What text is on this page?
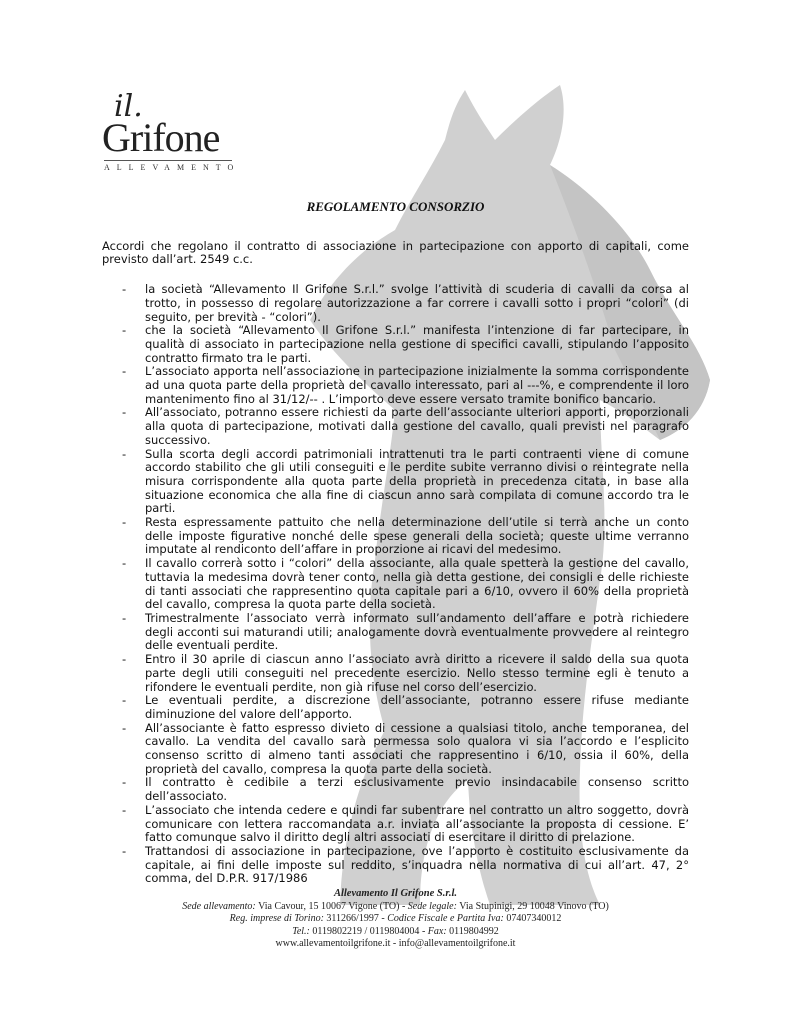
il.
Grifone
ALLEVAMENTO
REGOLAMENTO CONSORZIO
Accordi che regolano il contratto di associazione in partecipazione con apporto di capitali, come previsto dall’art. 2549 c.c.
- la società “Allevamento Il Grifone S.r.l.” svolge l’attività di scuderia di cavalli da corsa al trotto, in possesso di regolare autorizzazione a far correre i cavalli sotto i propri “colori” (di seguito, per brevità - “colori”).
- che la società “Allevamento Il Grifone S.r.l.” manifesta l’intenzione di far partecipare, in qualità di associato in partecipazione nella gestione di specifici cavalli, stipulando l’apposito contratto firmato tra le parti.
- L’associato apporta nell’associazione in partecipazione inizialmente la somma corrispondente ad una quota parte della proprietà del cavallo interessato, pari al ---%, e comprendente il loro mantenimento fino al 31/12/-- . L’importo deve essere versato tramite bonifico bancario.
- All’associato, potranno essere richiesti da parte dell’associante ulteriori apporti, proporzionali alla quota di partecipazione, motivati dalla gestione del cavallo, quali previsti nel paragrafo successivo.
- Sulla scorta degli accordi patrimoniali intrattenuti tra le parti contraenti viene di comune accordo stabilito che gli utili conseguiti e le perdite subite verranno divisi o reintegrate nella misura corrispondente alla quota parte della proprietà in precedenza citata, in base alla situazione economica che alla fine di ciascun anno sarà compilata di comune accordo tra le parti.
- Resta espressamente pattuito che nella determinazione dell’utile si terrà anche un conto delle imposte figurative nonché delle spese generali della società; queste ultime verranno imputate al rendiconto dell’affare in proporzione ai ricavi del medesimo.
- Il cavallo correrà sotto i “colori” della associante, alla quale spetterà la gestione del cavallo, tuttavia la medesima dovrà tener conto, nella già detta gestione, dei consigli e delle richieste di tanti associati che rappresentino quota capitale pari a 6/10, ovvero il 60% della proprietà del cavallo, compresa la quota parte della società.
- Trimestralmente l’associato verrà informato sull’andamento dell’affare e potrà richiedere degli acconti sui maturandi utili; analogamente dovrà eventualmente provvedere al reintegro delle eventuali perdite.
- Entro il 30 aprile di ciascun anno l’associato avrà diritto a ricevere il saldo della sua quota parte degli utili conseguiti nel precedente esercizio. Nello stesso termine egli è tenuto a rifondere le eventuali perdite, non già rifuse nel corso dell’esercizio.
- Le eventuali perdite, a discrezione dell’associante, potranno essere rifuse mediante diminuzione del valore dell’apporto.
- All’associante è fatto espresso divieto di cessione a qualsiasi titolo, anche temporanea, del cavallo. La vendita del cavallo sarà permessa solo qualora vi sia l’accordo e l’esplicito consenso scritto di almeno tanti associati che rappresentino i 6/10, ossia il 60%, della proprietà del cavallo, compresa la quota parte della società.
- Il contratto è cedibile a terzi esclusivamente previo insindacabile consenso scritto dell’associato.
- L’associato che intenda cedere e quindi far subentrare nel contratto un altro soggetto, dovrà comunicare con lettera raccomandata a.r. inviata all’associante la proposta di cessione. E’ fatto comunque salvo il diritto degli altri associati di esercitare il diritto di prelazione.
- Trattandosi di associazione in partecipazione, ove l’apporto è costituito esclusivamente da capitale, ai fini delle imposte sul reddito, s’inquadra nella normativa di cui all’art. 47, 2° comma, del D.P.R. 917/1986
Allevamento Il Grifone S.r.l.
Sede allevamento: Via Cavour, 15 10067 Vigone (TO) - Sede legale: Via Stupinigi, 29 10048 Vinovo (TO)
Reg. imprese di Torino: 311266/1997 - Codice Fiscale e Partita Iva: 07407340012
Tel.: 0119802219 / 0119804004 - Fax: 0119804992
www.allevamentoilgrifone.it - info@allevamentoilgrifone.it
